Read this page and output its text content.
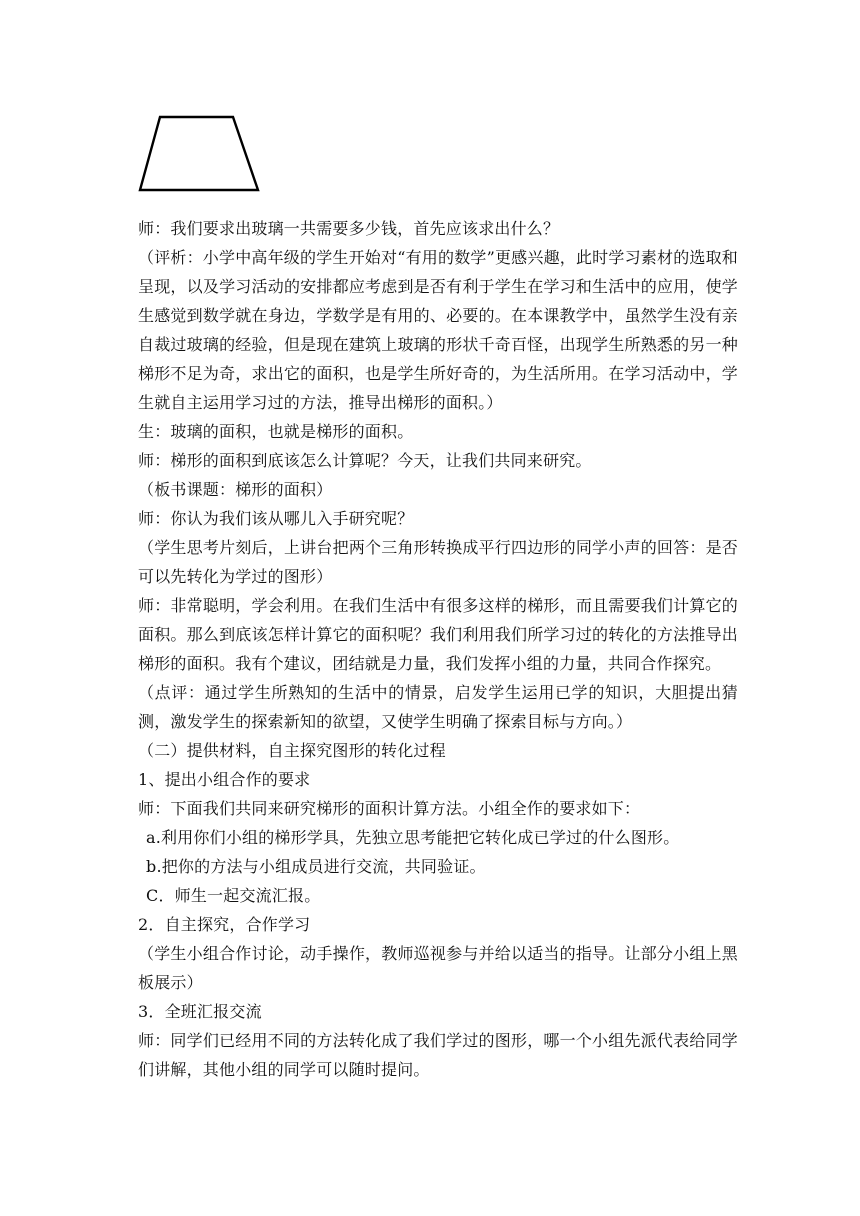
师：我们要求出玻璃一共需要多少钱，首先应该求出什么？

（评析：小学中高年级的学生开始对“有用的数学”更感兴趣，此时学习素材的选取和呈现，以及学习活动的安排都应考虑到是否有利于学生在学习和生活中的应用，使学生感觉到数学就在身边，学数学是有用的、必要的。在本课教学中，虽然学生没有亲自裁过玻璃的经验，但是现在建筑上玻璃的形状千奇百怪，出现学生所熟悉的另一种梯形不足为奇，求出它的面积，也是学生所好奇的，为生活所用。在学习活动中，学生就自主运用学习过的方法，推导出梯形的面积。）

生：玻璃的面积，也就是梯形的面积。

师：梯形的面积到底该怎么计算呢？今天，让我们共同来研究。

（板书课题：梯形的面积）

师：你认为我们该从哪儿入手研究呢？

（学生思考片刻后，上讲台把两个三角形转换成平行四边形的同学小声的回答：是否可以先转化为学过的图形）

师：非常聪明，学会利用。在我们生活中有很多这样的梯形，而且需要我们计算它的面积。那么到底该怎样计算它的面积呢？我们利用我们所学习过的转化的方法推导出梯形的面积。我有个建议，团结就是力量，我们发挥小组的力量，共同合作探究。

（点评：通过学生所熟知的生活中的情景，启发学生运用已学的知识，大胆提出猜测，激发学生的探索新知的欲望，又使学生明确了探索目标与方向。）

（二）提供材料，自主探究图形的转化过程

1、提出小组合作的要求

师：下面我们共同来研究梯形的面积计算方法。小组全作的要求如下：

a.利用你们小组的梯形学具，先独立思考能把它转化成已学过的什么图形。

b.把你的方法与小组成员进行交流，共同验证。

C．师生一起交流汇报。

2．自主探究，合作学习

（学生小组合作讨论，动手操作，教师巡视参与并给以适当的指导。让部分小组上黑板展示）

3．全班汇报交流

师：同学们已经用不同的方法转化成了我们学过的图形，哪一个小组先派代表给同学们讲解，其他小组的同学可以随时提问。
